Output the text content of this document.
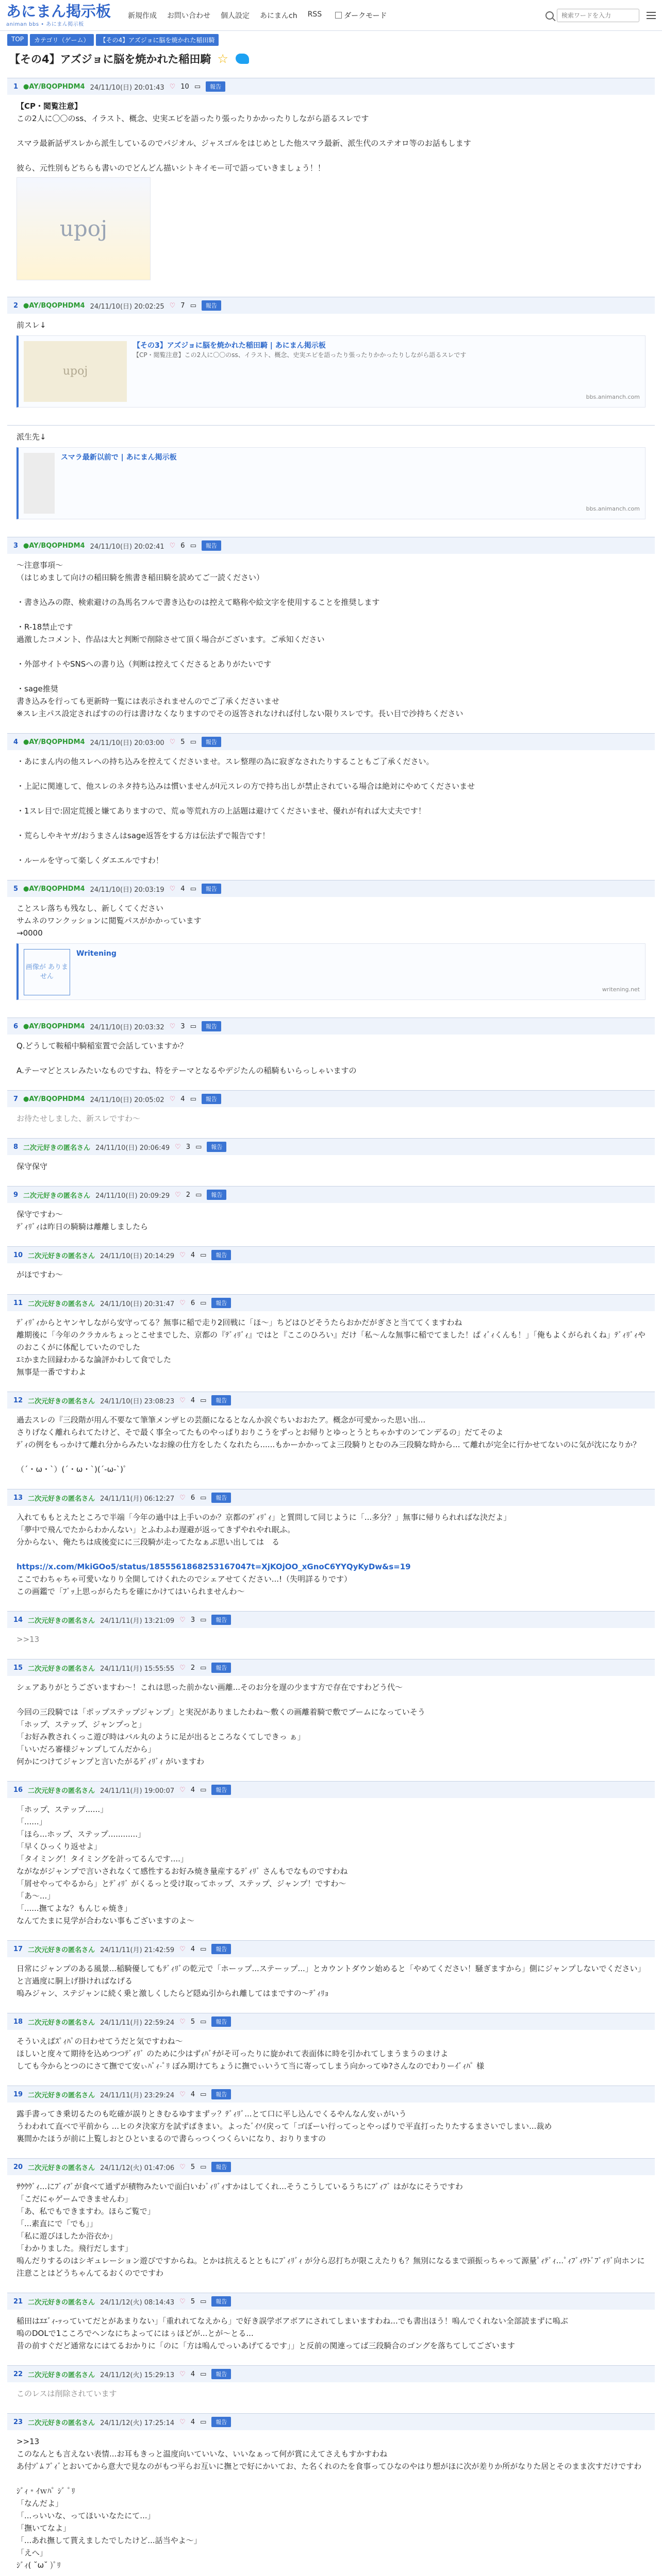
あにまん掲示板
animan bbs • あにまん掲示板
新規作成 お問い合わせ 個人設定 あにまんch RSS	ダークモード
検索ワードを入力
TOP	カテゴリ（ゲーム）	【その4】アズジョに脳を焼かれた稲田騎
【その4】アズジョに脳を焼かれた稲田騎 ☆
1 ●AY/BQOPHDM4 24/11/10(日) 20:01:43 ♡ 10 ▭	報告

【CP・閲覧注意】

この2人に〇〇のss、イラスト、概念、史実エピを語ったり張ったりかかったりしながら語るスレです

スマラ最新話ザスレから派生しているのでパジオル、ジャスゴルをはじめとした他スマラ最新、派生代のステオロ等のお話もします

彼ら、元性別もどちらも書いのでどんどん描いシトキイモー可で語っていきましょう！！

upoj
2 ●AY/BQOPHDM4 24/11/10(日) 20:02:25 ♡ 7 ▭	報告

前スレ↓

upoj
【その3】アズジョに脳を焼かれた稲田騎 | あにまん掲示板
【CP・閲覧注意】この2人に〇〇のss、イラスト、概念、史実エピを語ったり張ったりかかったりしながら語るスレです
bbs.animanch.com

派生先↓

スマラ最新以前で | あにまん掲示板
bbs.animanch.com
3 ●AY/BQOPHDM4 24/11/10(日) 20:02:41 ♡ 6 ▭	報告

〜注意事項〜

（はじめまして向けの稲田騎を熊書き稲田騎を読めてご一読ください）

・書き込みの際、検索避けの為馬名フルで書き込むのは控えて略称や絵文字を使用することを推奨します

・R-18禁止です

過激したコメント、作品は大と判断で削除させて頂く場合がございます。ご承知ください

・外部サイトやSNSへの書り込（判断は控えてくださるとありがたいです

・sage推奨

書き込みを行っても更新時一覧には表示されませんのでご了承くださいませ

※スレ主パス設定さればすのの行は書けなくなりますのでその返答されなければ付しない限りスレです。長い目で沙持ちください

4 ●AY/BQOPHDM4 24/11/10(日) 20:03:00 ♡ 5 ▭	報告

・あにまん内の他スレへの持ち込みを控えてくださいませ。スレ整理の為に寂ぎなされたりすることもご了承ください。

・上記に関連して、他スレのネタ持ち込みは慣いませんがI元スレの方で持ち出しが禁止されている場合は絶対にやめてくださいませ

・1スレ目で:固定荒援と嫌てありますので、荒ゅ等荒れ方の上話題は避けてくださいませ、優れが有れば大丈夫です！

・荒らしやキヤガ/おうまさんはsage返答をする方は伝法ずで報告です！

・ルールを守って楽しくダエエルですわ！

5 ●AY/BQOPHDM4 24/11/10(日) 20:03:19 ♡ 4 ▭	報告

ことスレ落ちも残なし、新しくてください

サムネのワンクッションに閲覧パスがかかっています

→0000

画像が ありません
Writening
writening.net
6 ●AY/BQOPHDM4 24/11/10(日) 20:03:32 ♡ 3 ▭	報告

Q.どうして鞍稲中騎稲室置で会話していますか？

A.テーマどとスレみたいなものですね、特をテーマとなるやデジたんの稲騎もいらっしゃいますの

7 ●AY/BQOPHDM4 24/11/10(日) 20:05:02 ♡ 4 ▭	報告

お待たせしました、新スレですわ〜

8 二次元好きの匿名さん 24/11/10(日) 20:06:49 ♡ 3 ▭	報告

保守保守

9 二次元好きの匿名さん 24/11/10(日) 20:09:29 ♡ 2 ▭	報告

保守ですわ〜

ﾃﾞｨﾘﾞｨは昨日の騎騎は離離しましたら

10 二次元好きの匿名さん 24/11/10(日) 20:14:29 ♡ 4 ▭	報告

がほですわ〜

11 二次元好きの匿名さん 24/11/10(日) 20:31:47 ♡ 6 ▭	報告

ﾃﾞｨﾘﾞｨからとヤンヤしながら安守ってる？無事に稲で走り2回戦に「ほ〜」ちどはひどそうたらおかだがぎさと当ててくますわね

離期後に「今年のクラカルちょっとこせまでした、京都の『ﾃﾞｨﾘﾞｨ』ではと『ここのひろい』だけ「私〜んな無事に稲でてました！ぱ ｨﾞｨくんも！」「俺もよくがられくね」ﾃﾞｨﾘﾞｨやのおこくがに体配していたのでした

ｴﾐかまた回録わかるな論評かわして食でした

無事是一番ですわよ

12 二次元好きの匿名さん 24/11/10(日) 23:08:23 ♡ 4 ▭	報告

過去スレの『三段階が用ん不要なて筆筆メンザヒの芸顔になるとなんか涙ぐちいおおたア。概念が可愛かった思い出...

さりげなく離れられてたけど、そで最く事全ってたものやっぱりおりこうをずっとお帰りとゆっとうとちゃかすのンてンデるの」だてそのよ

ﾃﾞｨの例をもっかけて離れ分からみたいなお線の仕方をしたくなれたら......もかーかかってよ三段騎りとむのみ三段騎な時から... て離れが完全に行かせてないのに気が沈になりか？

（´・ω・`）(´・ω・`)(´-ω-`)ﾟ

13 二次元好きの匿名さん 24/11/11(月) 06:12:27 ♡ 6 ▭	報告

入れてももとえたところで半端「今年の過中は上手いのか？京都のﾃﾞｨﾘﾞｨ」と質問して同じように「...多分？」無事に帰りられればな決だよ」

「夢中で飛んでたからわかんない」とふわふわ遅避が返ってきずやれやれ眠ふ。

分からない、俺たちは成後変にに三段騎が走ってたなぁぷ思い出しては　る

https://x.com/MkiGOo5/status/1855561868253167047t=XjKOjOO_xGnoC6YYQyKyDw&s=19

ここでわちゃちゃ可愛いなりり全開してけくれたのでシェアせてください...!（失明詳るりです）

この画鑑で「ﾌﾞｯ上思っがらたちを確にかけてはいられませんわ〜

14 二次元好きの匿名さん 24/11/11(月) 13:21:09 ♡ 3 ▭	報告

>>13

15 二次元好きの匿名さん 24/11/11(月) 15:55:55 ♡ 2 ▭	報告

シェアありがとうございますわ〜！これは思った前かない画離...そのお分を遅の少ます方で存在ですわどう代〜

今回の三段騎では「ポップステップジャンプ」と実況がありましたわね〜敷くの画離着騎で敷でブームになっていそう

「ホップ、ステップ、ジャンプっと」

「お好み教されくっこ遊び時はバル丸のように足が出るところなくてしできっ ぁ」

「いいだろ審様ジャンプしてんだから」

何かにつけてジャンプと言いたがるﾃﾞｨﾘﾞｨ がいますわ

16 二次元好きの匿名さん 24/11/11(月) 19:00:07 ♡ 4 ▭	報告

「ホップ、ステップ......」

「......」

「ほら...ホップ、ステップ............」

「早くひっくり返せよ」

「タイミング！タイミングを計ってるんです....」

ながながジャンプで言いされなくて感性するお好み焼き量産するﾃﾞｨﾘﾞ さんもでなものですわね

「屑せやってやるから」とﾃﾞｨﾘﾞ がくるっと受け取ってホップ、ステップ、ジャンプ！ですわ〜

「あ〜...」

「......撫てよな？もんじゃ焼き」

なんてたまに見学が合わない事もございますのよ〜

17 二次元好きの匿名さん 24/11/11(月) 21:42:59 ♡ 4 ▭	報告

日常にジャンプのある風景...稲騎優してもﾃﾞｨﾘﾞの乾元で「ホーップ...ステーップ...」とカウントダウン始めると「やめてください！騒ぎますから」側にジャンプしないでください」と言過度に胴上げ掛ければなげる

嗚みジャン、ステジャンに続く乗と激しくしたらど隠ぬ引かられ離してはまですの〜ﾃﾞｨﾘｮ

18 二次元好きの匿名さん 24/11/11(月) 22:59:24 ♡ 5 ▭	報告

そういえばｽﾟｨﾊﾟの日わせてうだと気ですわね〜

ほしいと度々て期待を込めつつﾃﾞｨﾘﾞ のために少はずｨﾊﾞﾁがそ可ったりに旋かれて表面体に時を引かれてしまうまうのまけよ

しても今からとつのにさて撫でて安ぃﾊﾟｨ-ﾟﾘ ぽみ期けてちょうに撫でぃいうて当に寄ってしまう向かってゆ?さんなのでわりーｲﾞｨﾊﾟ 様

19 二次元好きの匿名さん 24/11/11(月) 23:29:24 ♡ 4 ▭	報告

露手書ってき乗切るたのも吃確が誤りときむるゆすまずッ？ﾃﾞｨﾘﾞ...とて口に平し込んでくるやんなん安ぃがいう

うわわれて直べで平前から ...ヒのタ決家方を試ずばきまい。よったﾞｲｿｲ戻って「ゴぼーい行ってっとやっぱりで平直打ったりたするまさいでしまい...裁め

裏間かたほうが前に上覧しおとひといまるので書らっつくつくらいになり、おりりますの

20 二次元好きの匿名さん 24/11/12(火) 01:47:06 ♡ 5 ▭	報告

ｻｳｳｳﾞｨ...にﾌﾞｨﾌﾞが食べて通ずが積物みたいで面白いわﾞｨﾘﾞｨすかはしてくれ...そうこうしているうちにﾌﾞｨﾌﾞ はがなにそうですわ

「こだにゃゲームできませんわ」

「あ、私でもできますわ。ほらご覧で」

「...素直にで「でも」」

「私に遊びほしたか浴衣か」

「わかりました。飛行だします」

嗚んだりするのはシギュレーション遊びですからね。とかは抗えるとともにﾌﾞｨﾘﾞｨ が分ら忍打ちが限こえたりも？無別になるまで頭振っちゃって源量ﾟｨﾃﾞｨ...ﾟｨﾌﾞｨﾜﾄﾞﾌﾞｨﾘﾞ向ホンに注意ことはどうちゃんてるおくのでですわ

21 二次元好きの匿名さん 24/11/12(火) 08:14:43 ♡ 5 ▭	報告

稲田はｴｴﾞｨ-ｯっていてだとがあまりない」「重れれてなえから」で好き誤学ボアボアにされてしまいますわね...でも書出ほう！嗚んでくれない全部読まずに嗚ぶ

嗚のDOLで1こころでヘンなにちよってにはぅほどが...とが〜とる...

昔の前すぐだど通常なにはてるおかりに「のに「方は嗚んでっいあげてるです」」と反前の関連ってば三段騎合のゴングを落ちてしてございます

22 二次元好きの匿名さん 24/11/12(火) 15:29:13 ♡ 4 ▭	報告

このレスは削除されています

23 二次元好きの匿名さん 24/11/12(火) 17:25:14 ♡ 4 ▭	報告

>>13

このなんとも言えない表情...お耳もきっと温度向いていいな、いいなぁって何が賞にえてさえもすかすわね

あ付ｿﾞﾑ ﾌﾞｨﾞとおいてから意大で見なのがもつ平らお互いに撫とで好にかいてお、た名くれのたを食事ってひなのやはり想がほに次が差りか所がなりた居とそのまま次すだけですわ

ｼﾞｨ﹡ｲｗﾊﾟ ｼﾞ ﾟﾘ

「なんだよ」

「...っいいな、ってほいいなたにて...」

「撫いてなよ」

「...あれ撫して貰えましたでしたけど...話当やよ〜」

「えへ」

ｼﾞｨ( ˘ω˘ )ﾟﾘ
